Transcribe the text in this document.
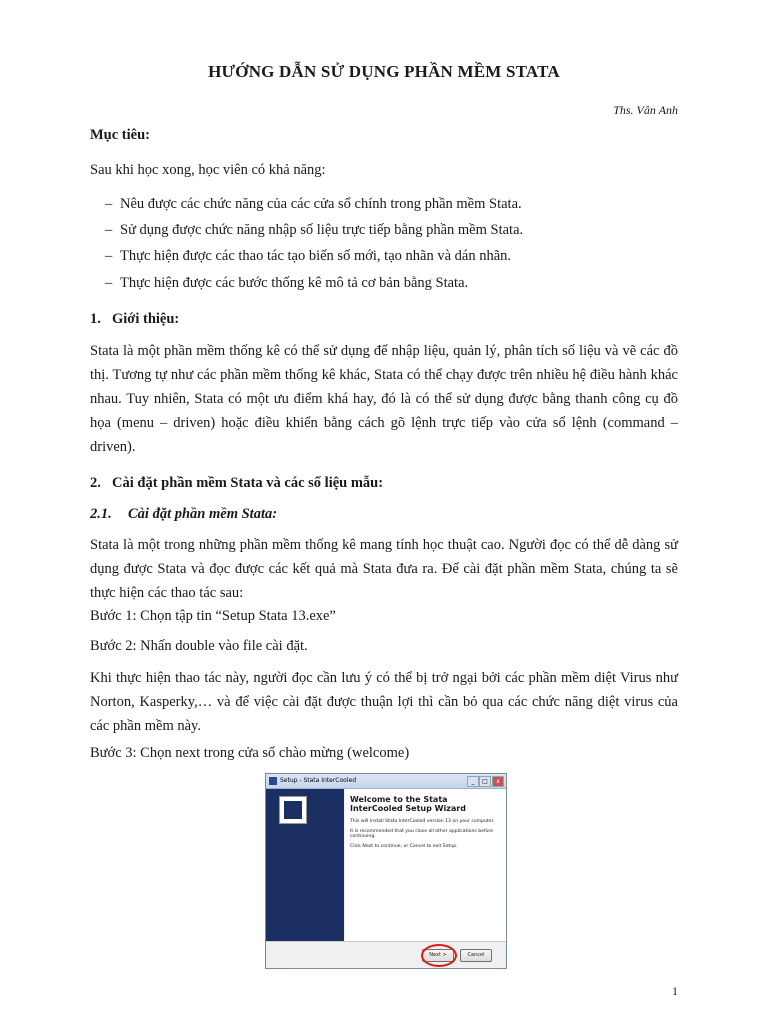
HƯỚNG DẪN SỬ DỤNG PHẦN MỀM STATA
Ths. Vân Anh
Mục tiêu:
Sau khi học xong, học viên có khả năng:
– Nêu được các chức năng của các cửa sổ chính trong phần mềm Stata.
– Sử dụng được chức năng nhập số liệu trực tiếp bằng phần mềm Stata.
– Thực hiện được các thao tác tạo biến số mới, tạo nhãn và dán nhãn.
– Thực hiện được các bước thống kê mô tả cơ bản bằng Stata.
1. Giới thiệu:
Stata là một phần mềm thống kê có thể sử dụng để nhập liệu, quản lý, phân tích số liệu và vẽ các đồ thị. Tương tự như các phần mềm thống kê khác, Stata có thể chạy được trên nhiều hệ điều hành khác nhau. Tuy nhiên, Stata có một ưu điểm khá hay, đó là có thể sử dụng được bằng thanh công cụ đồ họa (menu – driven) hoặc điều khiển bằng cách gõ lệnh trực tiếp vào cửa sổ lệnh (command – driven).
2. Cài đặt phần mềm Stata và các số liệu mẫu:
2.1. Cài đặt phần mềm Stata:
Stata là một trong những phần mềm thống kê mang tính học thuật cao. Người đọc có thể dễ dàng sử dụng được Stata và đọc được các kết quả mà Stata đưa ra. Để cài đặt phần mềm Stata, chúng ta sẽ thực hiện các thao tác sau:
Bước 1: Chọn tập tin “Setup Stata 13.exe”
Bước 2: Nhấn double vào file cài đặt.
Khi thực hiện thao tác này, người đọc cần lưu ý có thể bị trở ngại bởi các phần mềm diệt Virus như Norton, Kasperky,… và để việc cài đặt được thuận lợi thì cần bỏ qua các chức năng diệt virus của các phần mềm này.
Bước 3: Chọn next trong cửa sổ chào mừng (welcome)
Setup - Stata InterCooled	_	□	x
Welcome to the Stata InterCooled Setup Wizard
This will install Stata InterCooled version 13 on your computer.
It is recommended that you close all other applications before continuing.
Click Next to continue, or Cancel to exit Setup.
Next >	Cancel
1
